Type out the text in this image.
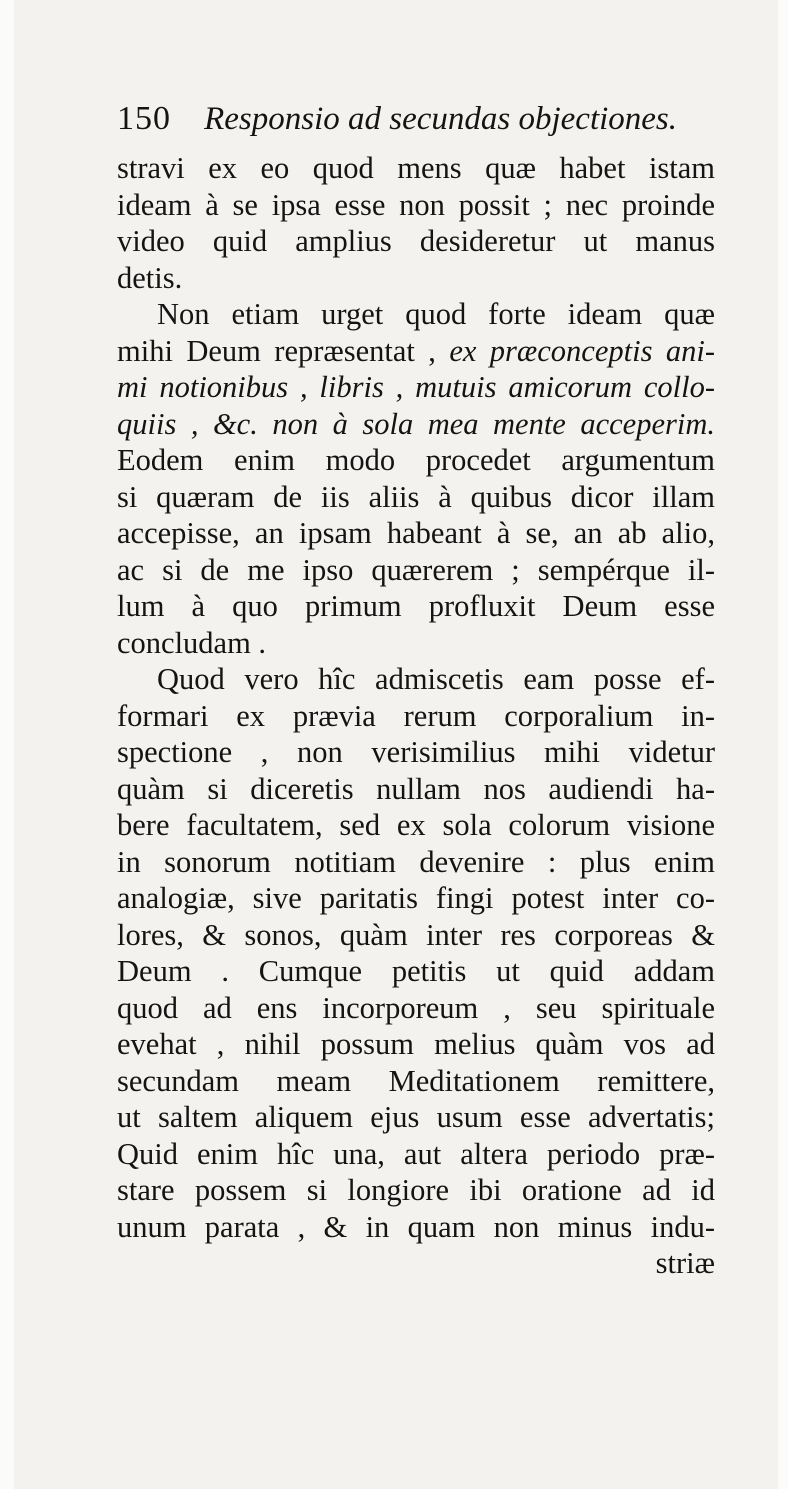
150 Responsio ad secundas objectiones.
stravi ex eo quod mens quæ habet istam
ideam à se ipsa esse non possit ; nec proinde
video quid amplius desideretur ut manus
detis.
Non etiam urget quod forte ideam quæ
mihi Deum repræsentat , ex præconceptis ani-
mi notionibus , libris , mutuis amicorum collo-
quiis , &c. non à sola mea mente acceperim.
Eodem enim modo procedet argumentum
si quæram de iis aliis à quibus dicor illam
accepisse, an ipsam habeant à se, an ab alio,
ac si de me ipso quærerem ; sempérque il-
lum à quo primum profluxit Deum esse
concludam .
Quod vero hîc admiscetis eam posse ef-
formari ex prævia rerum corporalium in-
spectione , non verisimilius mihi videtur
quàm si diceretis nullam nos audiendi ha-
bere facultatem, sed ex sola colorum visione
in sonorum notitiam devenire : plus enim
analogiæ, sive paritatis fingi potest inter co-
lores, & sonos, quàm inter res corporeas &
Deum . Cumque petitis ut quid addam
quod ad ens incorporeum , seu spirituale
evehat , nihil possum melius quàm vos ad
secundam meam Meditationem remittere,
ut saltem aliquem ejus usum esse advertatis;
Quid enim hîc una, aut altera periodo præ-
stare possem si longiore ibi oratione ad id
unum parata , & in quam non minus indu-
striæ
